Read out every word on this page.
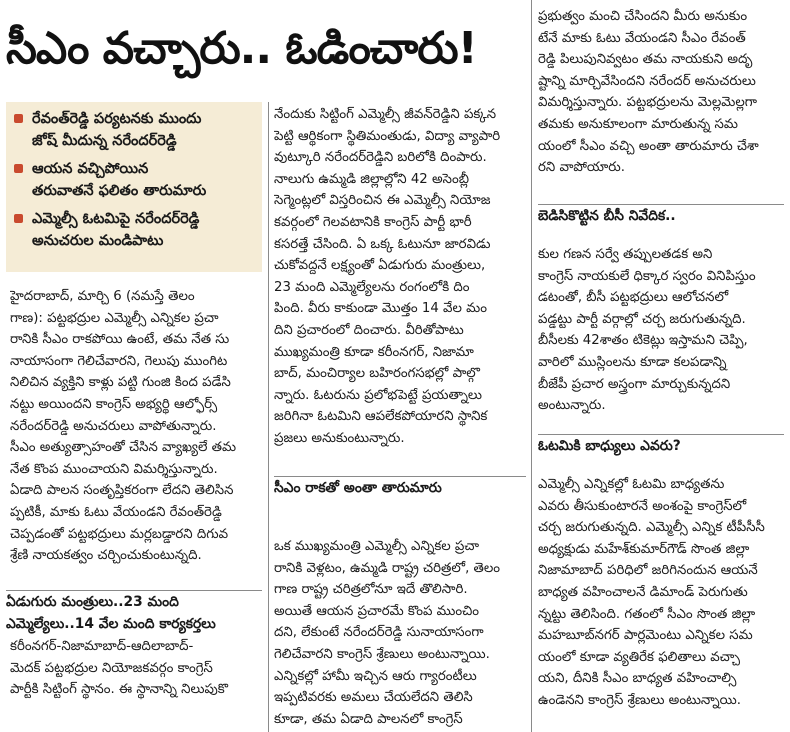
సీఎం వచ్చారు.. ఓడించారు!
రేవంత్‌రెడ్డి పర్యటనకు ముందు
జోష్ మీదున్న నరేందర్‌రెడ్డి
ఆయన వచ్చిపోయిన
తరువాతనే ఫలితం తారుమారు
ఎమ్మెల్సీ ఓటమిపై నరేందర్‌రెడ్డి
అనుచరుల మండిపాటు
హైదరాబాద్, మార్చి 6 (నమస్తే తెలం
గాణ): పట్టభద్రుల ఎమ్మెల్సీ ఎన్నికల ప్రచా
రానికి సీఎం రాకపోయి ఉంటే, తమ నేత సు
నాయాసంగా గెలిచేవారని, గెలుపు ముంగిట
నిలిచిన వ్యక్తిని కాళ్లు పట్టి గుంజి కింద పడేసి
నట్టు అయిందని కాంగ్రెస్ అభ్యర్థి ఆల్ఫోర్స్
నరేందర్‌రెడ్డి అనుచరులు వాపోతున్నారు.
సీఎం అత్యుత్సాహంతో చేసిన వ్యాఖ్యలే తమ
నేత కొంప ముంచాయని విమర్శిస్తున్నారు.
ఏడాది పాలన సంతృప్తికరంగా లేదని తెలిసిన
ప్పటికీ, మాకు ఓటు వేయండని రేవంత్‌రెడ్డి
చెప్పడంతో పట్టభద్రులు మర్లబడ్డారని దిగువ
శ్రేణి నాయకత్వం చర్చించుకుంటున్నది.
ఏడుగురు మంత్రులు..23 మంది
ఎమ్మెల్యేలు..14 వేల మంది కార్యకర్తలు
కరీంనగర్-నిజామాబాద్-ఆదిలాబాద్-
మెదక్ పట్టభద్రుల నియోజకవర్గం కాంగ్రెస్
పార్టీకి సిట్టింగ్ స్థానం. ఈ స్థానాన్ని నిలుపుకొ
నేందుకు సిట్టింగ్ ఎమ్మెల్సీ జీవన్‌రెడ్డిని పక్కన
పెట్టి ఆర్థికంగా స్థితిమంతుడు, విద్యా వ్యాపారి
వుట్కూరి నరేందర్‌రెడ్డిని బరిలోకి దింపారు.
నాలుగు ఉమ్మడి జిల్లాల్లోని 42 అసెంబ్లీ
సెగ్మెంట్లలో విస్తరించిన ఈ ఎమ్మెల్సీ నియోజ
కవర్గంలో గెలవటానికి కాంగ్రెస్ పార్టీ భారీ
కసరత్తే చేసింది. ఏ ఒక్క ఓటునూ జారవిడు
చుకోవద్దనే లక్ష్యంతో ఏడుగురు మంత్రులు,
23 మంది ఎమ్మెల్యేలను రంగంలోకి దిం
పింది. వీరు కాకుండా మొత్తం 14 వేల మం
దిని ప్రచారంలో దించారు. వీరితోపాటు
ముఖ్యమంత్రి కూడా కరీంనగర్, నిజామా
బాద్, మంచిర్యాల బహిరంగసభల్లో పాల్గొ
న్నారు. ఓటరును ప్రలోభపెట్టే ప్రయత్నాలు
జరిగినా ఓటమిని ఆపలేకపోయారని స్థానిక
ప్రజలు అనుకుంటున్నారు.
సీఎం రాకతో అంతా తారుమారు
ఒక ముఖ్యమంత్రి ఎమ్మెల్సీ ఎన్నికల ప్రచా
రానికి వెళ్లటం, ఉమ్మడి రాష్ట్ర చరిత్రలో, తెలం
గాణ రాష్ట్ర చరిత్రలోనూ ఇదే తొలిసారి.
అయితే ఆయన ప్రచారమే కొంప ముంచిం
దని, లేకుంటే నరేందర్‌రెడ్డి సునాయాసంగా
గెలిచేవారని కాంగ్రెస్ శ్రేణులు అంటున్నాయి.
ఎన్నికల్లో హామీ ఇచ్చిన ఆరు గ్యారంటీలు
ఇప్పటివరకు అమలు చేయలేదని తెలిసి
కూడా, తమ ఏడాది పాలనలో కాంగ్రెస్
ప్రభుత్వం మంచి చేసిందని మీరు అనుకుం
టేనే మాకు ఓటు వేయండని సీఎం రేవంత్
రెడ్డి పిలుపునివ్వటం తమ నాయకుని అదృ
ష్టాన్ని మార్చివేసిందని నరేందర్ అనుచరులు
విమర్శిస్తున్నారు. పట్టభద్రులను మెల్లమెల్లగా
తమకు అనుకూలంగా మారుతున్న సమ
యంలో సీఎం వచ్చి అంతా తారుమారు చేశా
రని వాపోయారు.
బెడిసికొట్టిన బీసీ నివేదిక..
కుల గణన సర్వే తప్పులతడక అని
కాంగ్రెస్ నాయకులే ధిక్కార స్వరం వినిపిస్తుం
డటంతో, బీసీ పట్టభద్రులు ఆలోచనలో
పడ్డట్టు పార్టీ వర్గాల్లో చర్చ జరుగుతున్నది.
బీసీలకు 42శాతం టికెట్లు ఇస్తామని చెప్పి,
వారిలో ముస్లింలను కూడా కలపడాన్ని
బీజేపీ ప్రచార అస్త్రంగా మార్చుకున్నదని
అంటున్నారు.
ఓటమికి బాధ్యులు ఎవరు?
ఎమ్మెల్సీ ఎన్నికల్లో ఓటమి బాధ్యతను
ఎవరు తీసుకుంటారనే అంశంపై కాంగ్రెస్‌లో
చర్చ జరుగుతున్నది. ఎమ్మెల్సీ ఎన్నిక టీపీసీసీ
అధ్యక్షుడు మహేశ్‌కుమార్‌గౌడ్ సొంత జిల్లా
నిజామాబాద్ పరిధిలో జరిగినందున ఆయనే
బాధ్యత వహించాలనే డిమాండ్ పెరుగుతు
న్నట్టు తెలిసింది. గతంలో సీఎం సొంత జిల్లా
మహబూబ్‌నగర్ పార్లమెంటు ఎన్నికల సమ
యంలో కూడా వ్యతిరేక ఫలితాలు వచ్చా
యని, దీనికి సీఎం బాధ్యత వహించాల్సి
ఉండెనని కాంగ్రెస్ శ్రేణులు అంటున్నాయి.
